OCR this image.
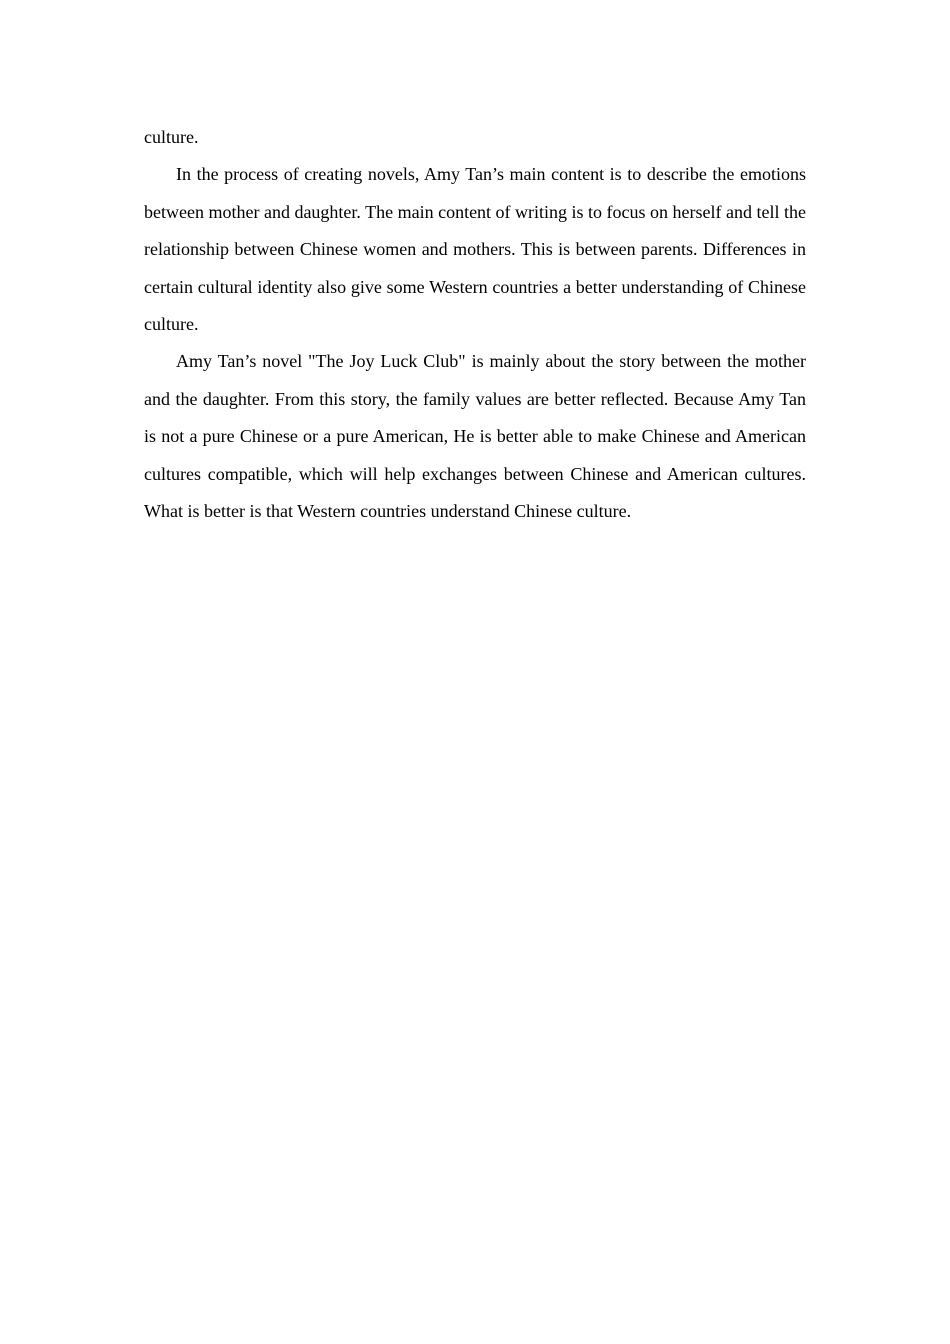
culture.

In the process of creating novels, Amy Tan’s main content is to describe the emotions between mother and daughter. The main content of writing is to focus on herself and tell the relationship between Chinese women and mothers. This is between parents. Differences in certain cultural identity also give some Western countries a better understanding of Chinese culture.

Amy Tan’s novel "The Joy Luck Club" is mainly about the story between the mother and the daughter. From this story, the family values are better reflected. Because Amy Tan is not a pure Chinese or a pure American, He is better able to make Chinese and American cultures compatible, which will help exchanges between Chinese and American cultures. What is better is that Western countries understand Chinese culture.
